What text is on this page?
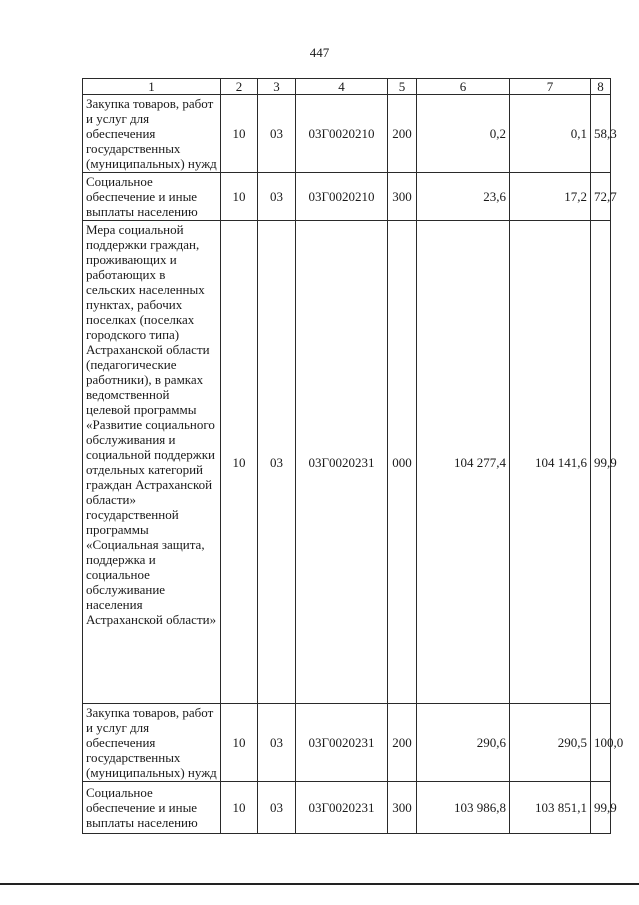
447
1	2	3	4	5	6	7	8
Закупка товаров, работ и услуг для обеспечения государственных (муниципальных) нужд	10	03	03Г0020210	200	0,2	0,1	58,3
Социальное обеспечение и иные выплаты населению	10	03	03Г0020210	300	23,6	17,2	72,7
Мера социальной поддержки граждан, проживающих и работающих в сельских населенных пунктах, рабочих поселках (поселках городского типа) Астраханской области (педагогические работники), в рамках ведомственной целевой программы «Развитие социального обслуживания и социальной поддержки отдельных категорий граждан Астраханской области» государственной программы «Социальная защита, поддержка и социальное обслуживание населения Астраханской области»	10	03	03Г0020231	000	104 277,4	104 141,6	99,9
Закупка товаров, работ и услуг для обеспечения государственных (муниципальных) нужд	10	03	03Г0020231	200	290,6	290,5	100,0
Социальное обеспечение и иные выплаты населению	10	03	03Г0020231	300	103 986,8	103 851,1	99,9
